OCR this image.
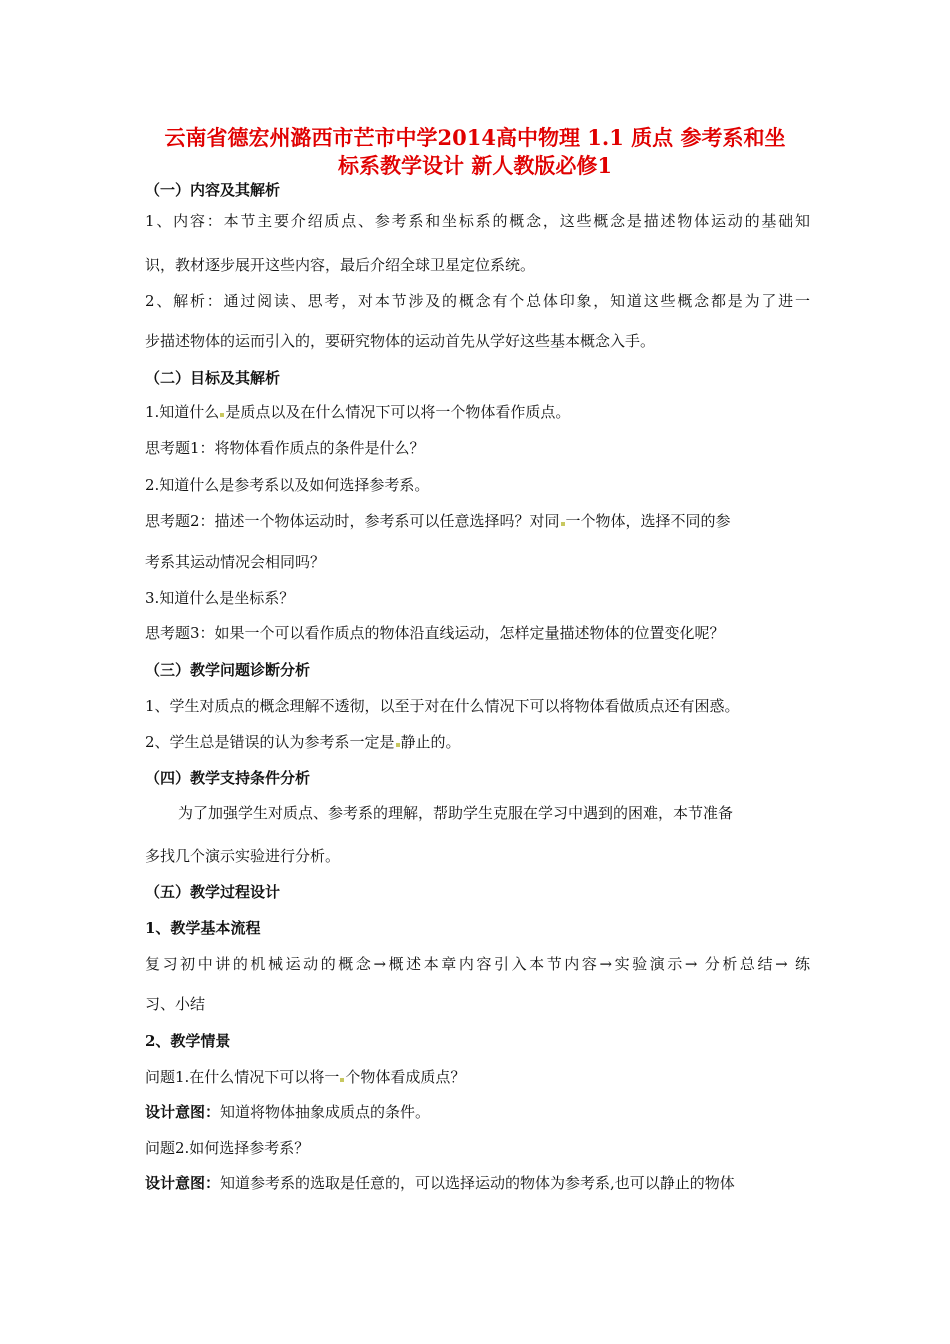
云南省德宏州潞西市芒市中学2014高中物理 1.1 质点 参考系和坐
标系教学设计 新人教版必修1
（一）内容及其解析
1、内容：本节主要介绍质点、参考系和坐标系的概念，这些概念是描述物体运动的基础知
识，教材逐步展开这些内容，最后介绍全球卫星定位系统。
2、解析：通过阅读、思考，对本节涉及的概念有个总体印象，知道这些概念都是为了进一
步描述物体的运而引入的，要研究物体的运动首先从学好这些基本概念入手。
（二）目标及其解析
1.知道什么 是质点以及在什么情况下可以将一个物体看作质点。
思考题1：将物体看作质点的条件是什么？
2.知道什么是参考系以及如何选择参考系。
思考题2：描述一个物体运动时，参考系可以任意选择吗？对同 一个物体，选择不同的参
考系其运动情况会相同吗？
3.知道什么是坐标系？
思考题3：如果一个可以看作质点的物体沿直线运动，怎样定量描述物体的位置变化呢？
（三）教学问题诊断分析
1、学生对质点的概念理解不透彻，以至于对在什么情况下可以将物体看做质点还有困惑。
2、学生总是错误的认为参考系一定是 静止的。
（四）教学支持条件分析
为了加强学生对质点、参考系的理解，帮助学生克服在学习中遇到的困难，本节准备
多找几个演示实验进行分析。
（五）教学过程设计
1、教学基本流程
复习初中讲的机械运动的概念→概述本章内容引入本节内容→实验演示→ 分析总结→ 练
习、小结
2、教学情景
问题1.在什么情况下可以将一 个物体看成质点？
设计意图：知道将物体抽象成质点的条件。
问题2.如何选择参考系？
设计意图：知道参考系的选取是任意的，可以选择运动的物体为参考系,也可以静止的物体
